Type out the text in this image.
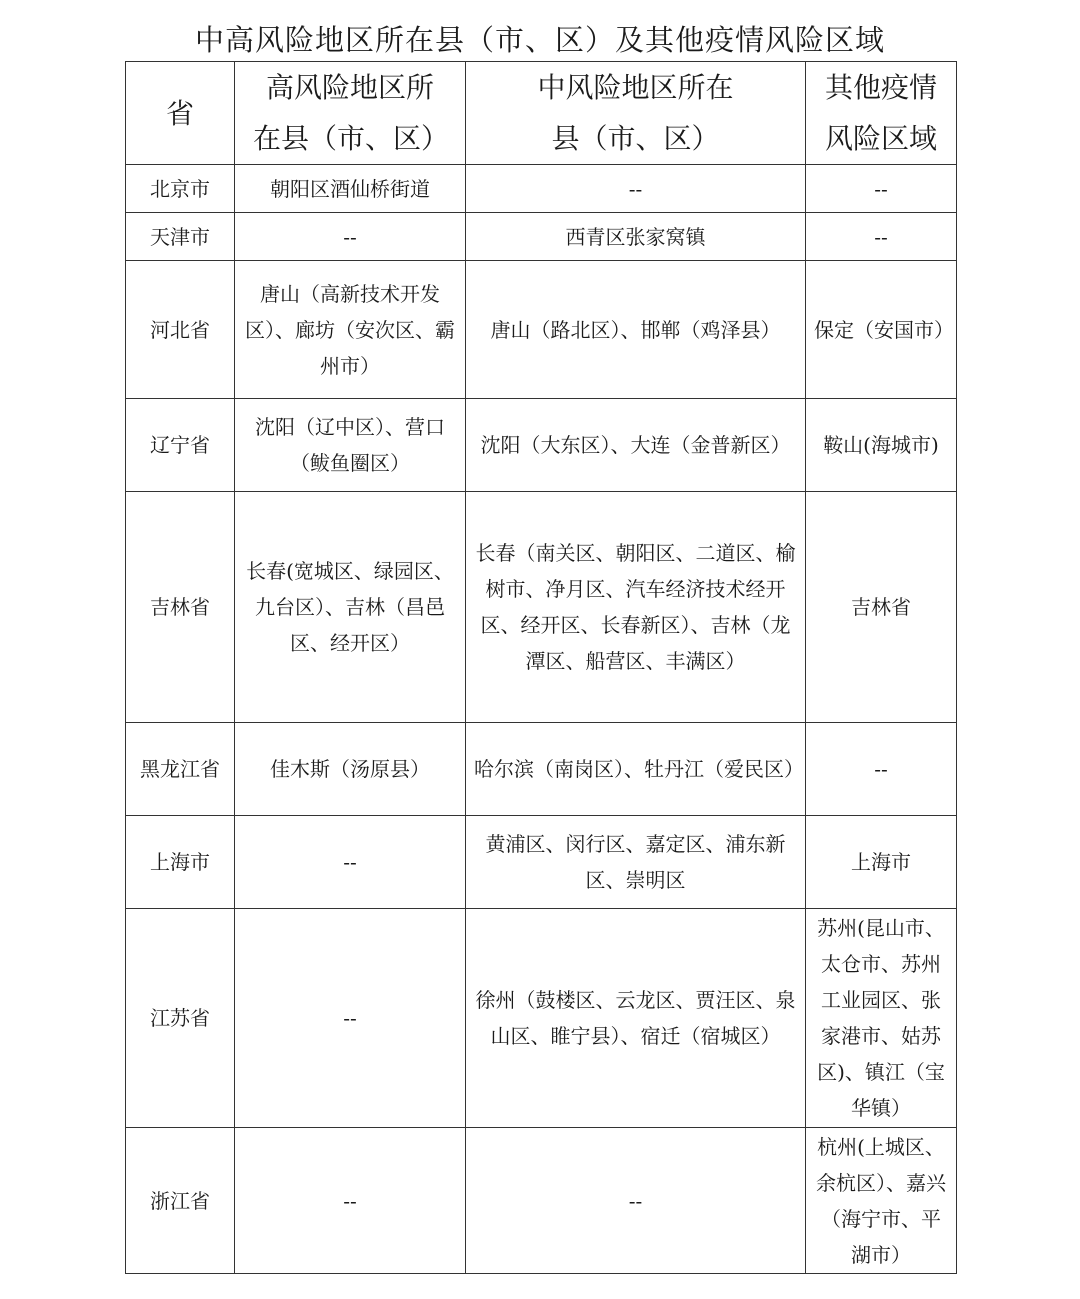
中高风险地区所在县（市、区）及其他疫情风险区域
省	高风险地区所在县（市、区）	中风险地区所在县（市、区）	其他疫情风险区域
北京市	朝阳区酒仙桥街道	--	--
天津市	--	西青区张家窝镇	--
河北省	唐山（高新技术开发区）、廊坊（安次区、霸州市）	唐山（路北区）、邯郸（鸡泽县）	保定（安国市）
辽宁省	沈阳（辽中区）、营口（鲅鱼圈区）	沈阳（大东区）、大连（金普新区）	鞍山(海城市)
吉林省	长春(宽城区、绿园区、九台区）、吉林（昌邑区、经开区）	长春（南关区、朝阳区、二道区、榆树市、净月区、汽车经济技术经开区、经开区、长春新区）、吉林（龙潭区、船营区、丰满区）	吉林省
黑龙江省	佳木斯（汤原县）	哈尔滨（南岗区）、牡丹江（爱民区）	--
上海市	--	黄浦区、闵行区、嘉定区、浦东新区、崇明区	上海市
江苏省	--	徐州（鼓楼区、云龙区、贾汪区、泉山区、睢宁县）、宿迁（宿城区）	苏州(昆山市、太仓市、苏州工业园区、张家港市、姑苏区)、镇江（宝华镇）
浙江省	--	--	杭州(上城区、余杭区）、嘉兴（海宁市、平湖市）
